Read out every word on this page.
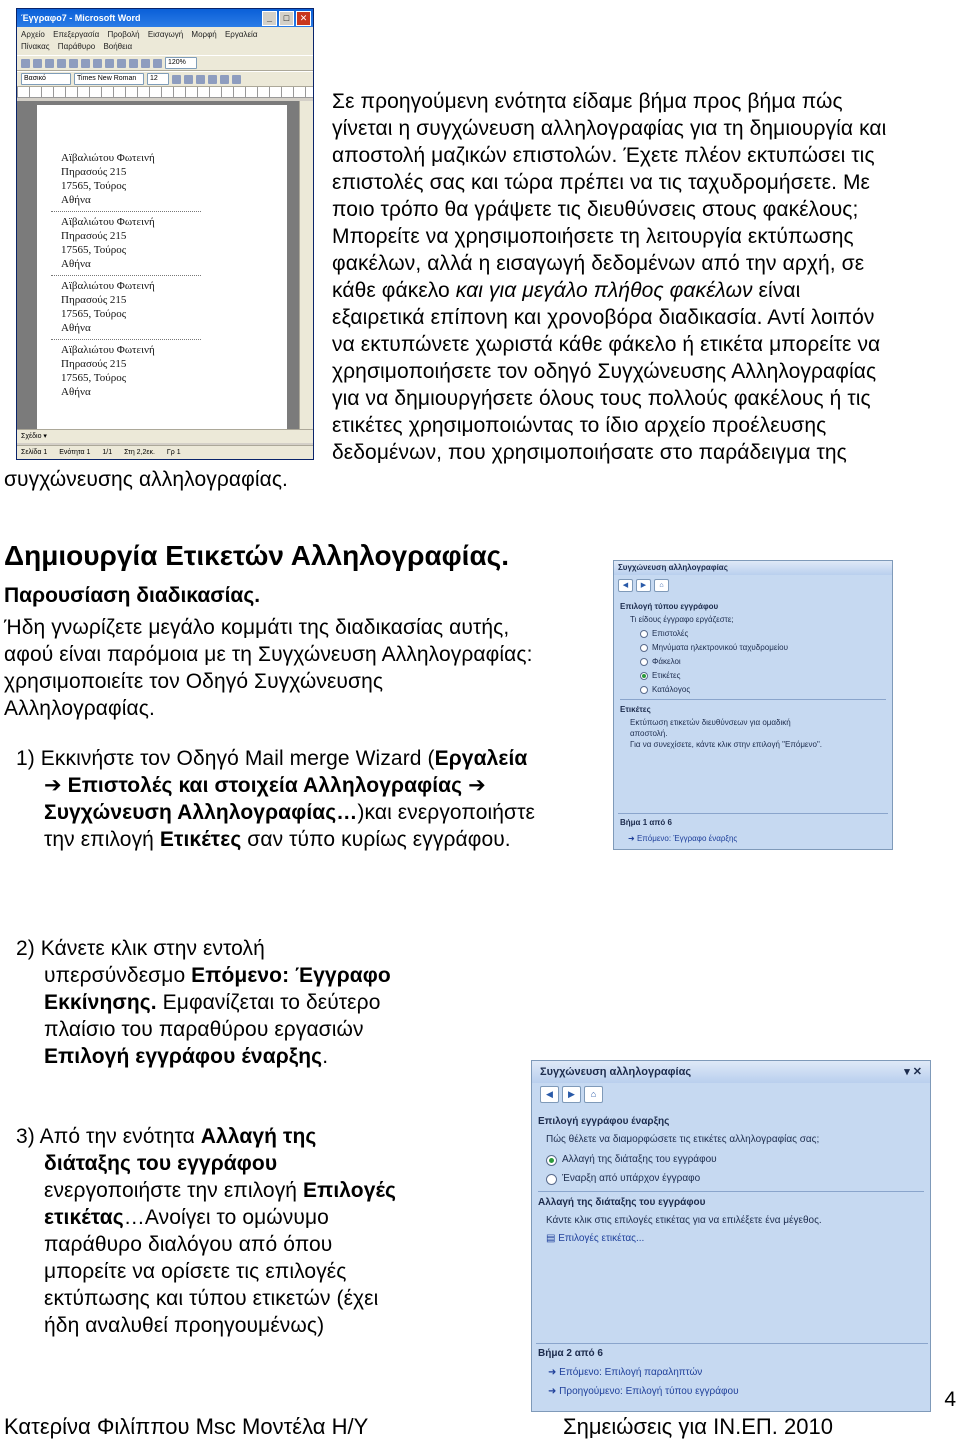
Έγγραφο7 - Microsoft Word	_	□	✕
Αρχείο Επεξεργασία Προβολή Εισαγωγή Μορφή Εργαλεία
Πίνακας Παράθυρο Βοήθεια
120%
Βασικό	Times New Roman	12
Αϊβαλιώτου Φωτεινή
Πηρασούς 215
17565, Τούρος
Αθήνα
Αϊβαλιώτου Φωτεινή
Πηρασούς 215
17565, Τούρος
Αθήνα
Αϊβαλιώτου Φωτεινή
Πηρασούς 215
17565, Τούρος
Αθήνα
Αϊβαλιώτου Φωτεινή
Πηρασούς 215
17565, Τούρος
Αθήνα
Σχέδιο ▾
Σελίδα 1 Ενότητα 1 1/1 Στη 2,2εκ. Γρ 1
Σε προηγούμενη ενότητα είδαμε βήμα προς βήμα πώς
γίνεται η συγχώνευση αλληλογραφίας για τη δημιουργία και
αποστολή μαζικών επιστολών. Έχετε πλέον εκτυπώσει τις
επιστολές σας και τώρα πρέπει να τις ταχυδρομήσετε. Με
ποιο τρόπο θα γράψετε τις διευθύνσεις στους φακέλους;
Μπορείτε να χρησιμοποιήσετε τη λειτουργία εκτύπωσης
φακέλων, αλλά η εισαγωγή δεδομένων από την αρχή, σε
κάθε φάκελο και για μεγάλο πλήθος φακέλων είναι
εξαιρετικά επίπονη και χρονοβόρα διαδικασία. Αντί λοιπόν
να εκτυπώνετε χωριστά κάθε φάκελο ή ετικέτα μπορείτε να
χρησιμοποιήσετε τον οδηγό Συγχώνευσης Αλληλογραφίας
για να δημιουργήσετε όλους τους πολλούς φακέλους ή τις
ετικέτες χρησιμοποιώντας το ίδιο αρχείο προέλευσης
δεδομένων, που χρησιμοποιήσατε στο παράδειγμα της
συγχώνευσης αλληλογραφίας.
Δημιουργία Ετικετών Αλληλογραφίας.
Παρουσίαση διαδικασίας.
Ήδη γνωρίζετε μεγάλο κομμάτι της διαδικασίας αυτής,
αφού είναι παρόμοια με τη Συγχώνευση Αλληλογραφίας:
χρησιμοποιείτε τον Οδηγό Συγχώνευσης
Αλληλογραφίας.
1) Εκκινήστε τον Οδηγό Mail merge Wizard (Εργαλεία
➔ Επιστολές και στοιχεία Αλληλογραφίας ➔
Συγχώνευση Αλληλογραφίας…)και ενεργοποιήστε
την επιλογή Ετικέτες σαν τύπο κυρίως εγγράφου.
2) Κάνετε κλικ στην εντολή
υπερσύνδεσμο Επόμενο: Έγγραφο
Εκκίνησης. Εμφανίζεται το δεύτερο
πλαίσιο του παραθύρου εργασιών
Επιλογή εγγράφου έναρξης.
3) Από την ενότητα Αλλαγή της
διάταξης του εγγράφου
ενεργοποιήστε την επιλογή Επιλογές
ετικέτας…Ανοίγει το ομώνυμο
παράθυρο διαλόγου από όπου
μπορείτε να ορίσετε τις επιλογές
εκτύπωσης και τύπου ετικετών (έχει
ήδη αναλυθεί προηγουμένως)
Συγχώνευση αλληλογραφίας
◀	▶	⌂
Επιλογή τύπου εγγράφου
Τι είδους έγγραφο εργάζεστε;
Επιστολές
Μηνύματα ηλεκτρονικού ταχυδρομείου
Φάκελοι
Ετικέτες
Κατάλογος
Ετικέτες
Εκτύπωση ετικετών διευθύνσεων για ομαδική
αποστολή.
Για να συνεχίσετε, κάντε κλικ στην επιλογή "Επόμενο".
Βήμα 1 από 6
➜ Επόμενο: Έγγραφο έναρξης
Συγχώνευση αλληλογραφίας	▾ ✕
◀	▶	⌂
Επιλογή εγγράφου έναρξης
Πώς θέλετε να διαμορφώσετε τις ετικέτες αλληλογραφίας σας;
Αλλαγή της διάταξης του εγγράφου
Έναρξη από υπάρχον έγγραφο
Αλλαγή της διάταξης του εγγράφου
Κάντε κλικ στις επιλογές ετικέτας για να επιλέξετε ένα μέγεθος.
▤ Επιλογές ετικέτας...
Βήμα 2 από 6
➜ Επόμενο: Επιλογή παραληπτών
➜ Προηγούμενο: Επιλογή τύπου εγγράφου	4
Κατερίνα Φιλίππου Msc Μοντέλα Η/Υ	Σημειώσεις για ΙΝ.ΕΠ. 2010
